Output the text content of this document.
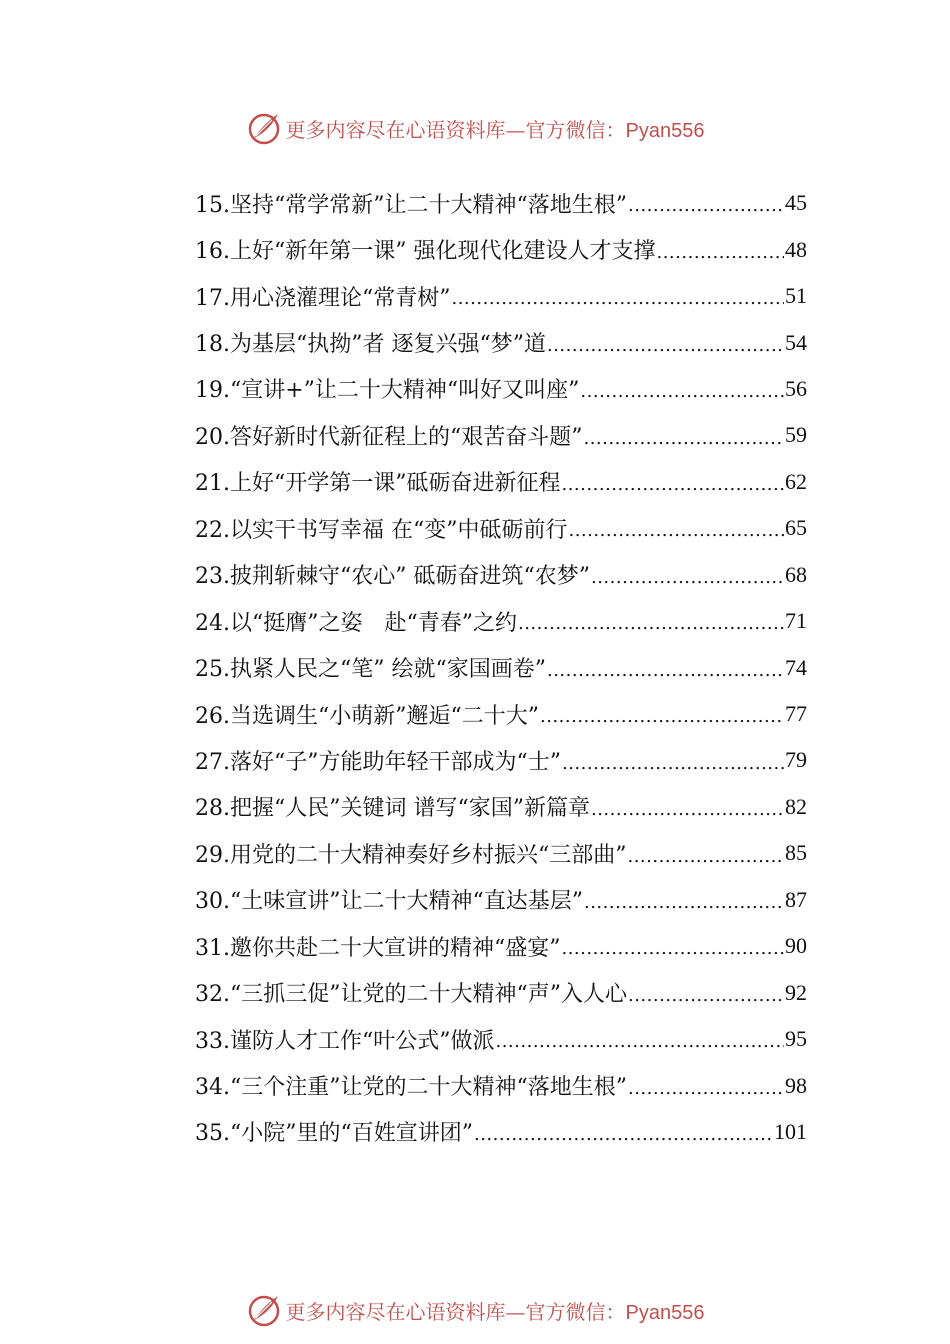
更多内容尽在心语资料库—官方微信：Pyan556
15.坚持“常学常新”让二十大精神“落地生根” .....	45
16.上好“新年第一课” 强化现代化建设人才支撑 .....	48
17.用心浇灌理论“常青树” .....	51
18.为基层“执拗”者 逐复兴强“梦”道 .....	54
19.“宣讲+”让二十大精神“叫好又叫座” .....	56
20.答好新时代新征程上的“艰苦奋斗题” .....	59
21.上好“开学第一课”砥砺奋进新征程 .....	62
22.以实干书写幸福 在“变”中砥砺前行 .....	65
23.披荆斩棘守“农心” 砥砺奋进筑“农梦” .....	68
24.以“挺膺”之姿　赴“青春”之约 .....	71
25.执紧人民之“笔” 绘就“家国画卷” .....	74
26.当选调生“小萌新”邂逅“二十大” .....	77
27.落好“子”方能助年轻干部成为“士” .....	79
28.把握“人民”关键词 谱写“家国”新篇章 .....	82
29.用党的二十大精神奏好乡村振兴“三部曲” .....	85
30.“土味宣讲”让二十大精神“直达基层” .....	87
31.邀你共赴二十大宣讲的精神“盛宴” .....	90
32.“三抓三促”让党的二十大精神“声”入人心 .....	92
33.谨防人才工作“叶公式”做派 .....	95
34.“三个注重”让党的二十大精神“落地生根” .....	98
35.“小院”里的“百姓宣讲团” .....	101
更多内容尽在心语资料库—官方微信：Pyan556
